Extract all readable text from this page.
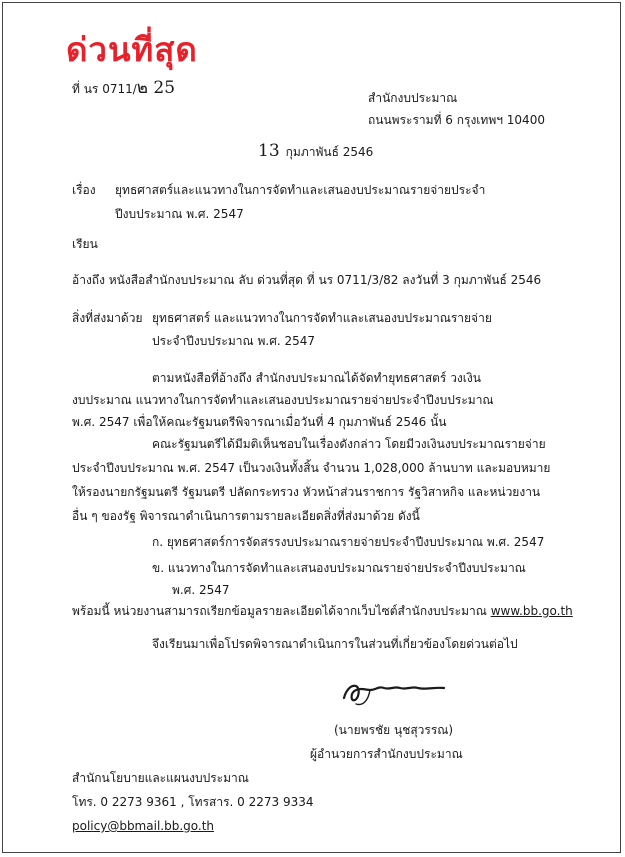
ด่วนที่สุด
ที่ นร 0711/๒ 25	สำนักงบประมาณ
ถนนพระรามที่ 6 กรุงเทพฯ 10400
13 กุมภาพันธ์ 2546
เรื่อง ยุทธศาสตร์และแนวทางในการจัดทำและเสนองบประมาณรายจ่ายประจำ
ปีงบประมาณ พ.ศ. 2547
เรียน
อ้างถึง หนังสือสำนักงบประมาณ ลับ ด่วนที่สุด ที่ นร 0711/3/82 ลงวันที่ 3 กุมภาพันธ์ 2546
สิ่งที่ส่งมาด้วย ยุทธศาสตร์ และแนวทางในการจัดทำและเสนองบประมาณรายจ่าย
ประจำปีงบประมาณ พ.ศ. 2547
ตามหนังสือที่อ้างถึง สำนักงบประมาณได้จัดทำยุทธศาสตร์ วงเงิน
งบประมาณ แนวทางในการจัดทำและเสนองบประมาณรายจ่ายประจำปีงบประมาณ
พ.ศ. 2547 เพื่อให้คณะรัฐมนตรีพิจารณาเมื่อวันที่ 4 กุมภาพันธ์ 2546 นั้น
คณะรัฐมนตรีได้มีมติเห็นชอบในเรื่องดังกล่าว โดยมีวงเงินงบประมาณรายจ่าย
ประจำปีงบประมาณ พ.ศ. 2547 เป็นวงเงินทั้งสิ้น จำนวน 1,028,000 ล้านบาท และมอบหมาย
ให้รองนายกรัฐมนตรี รัฐมนตรี ปลัดกระทรวง หัวหน้าส่วนราชการ รัฐวิสาหกิจ และหน่วยงาน
อื่น ๆ ของรัฐ พิจารณาดำเนินการตามรายละเอียดสิ่งที่ส่งมาด้วย ดังนี้
ก. ยุทธศาสตร์การจัดสรรงบประมาณรายจ่ายประจำปีงบประมาณ พ.ศ. 2547
ข. แนวทางในการจัดทำและเสนองบประมาณรายจ่ายประจำปีงบประมาณ
พ.ศ. 2547
พร้อมนี้ หน่วยงานสามารถเรียกข้อมูลรายละเอียดได้จากเว็บไซต์สำนักงบประมาณ www.bb.go.th
จึงเรียนมาเพื่อโปรดพิจารณาดำเนินการในส่วนที่เกี่ยวข้องโดยด่วนต่อไป
(นายพรชัย นุชสุวรรณ)
ผู้อำนวยการสำนักงบประมาณ
สำนักนโยบายและแผนงบประมาณ
โทร. 0 2273 9361 , โทรสาร. 0 2273 9334
policy@bbmail.bb.go.th
